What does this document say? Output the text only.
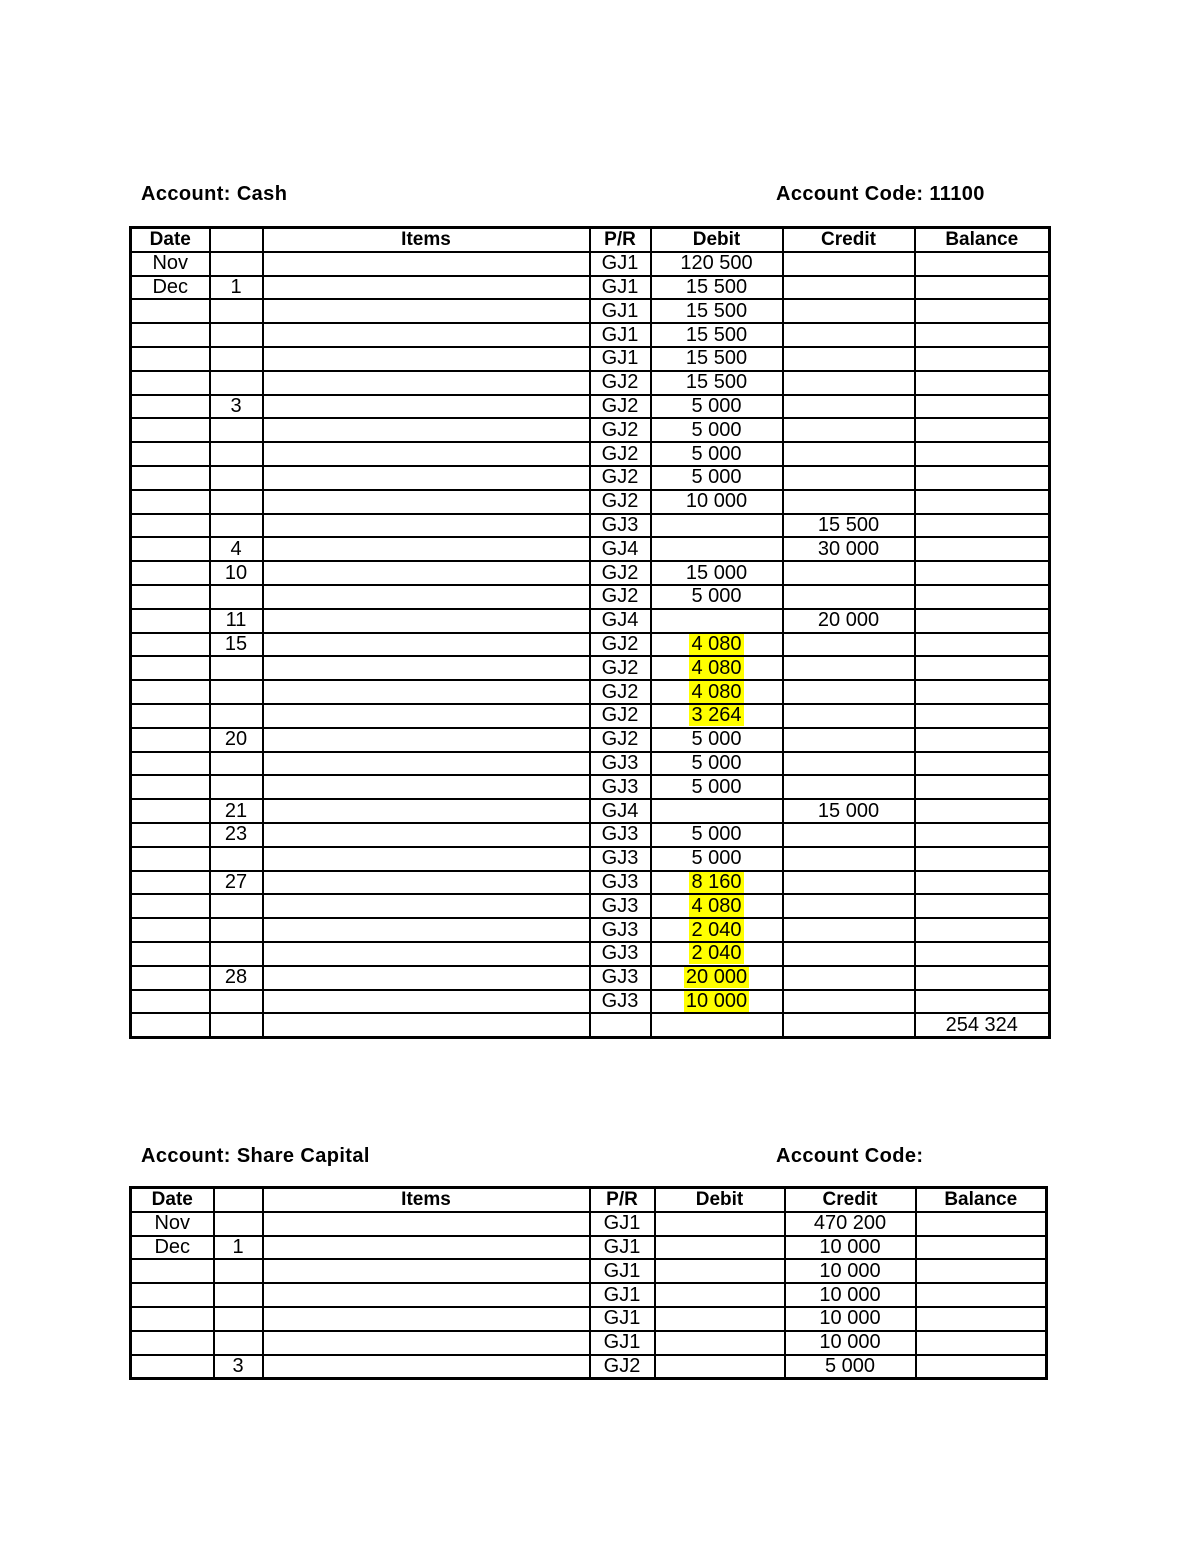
Account: Cash	Account Code: 11100
Date		Items	P/R	Debit	Credit	Balance
Nov			GJ1	120 500		
Dec	1		GJ1	15 500		
			GJ1	15 500		
			GJ1	15 500		
			GJ1	15 500		
			GJ2	15 500		
	3		GJ2	5 000		
			GJ2	5 000		
			GJ2	5 000		
			GJ2	5 000		
			GJ2	10 000		
			GJ3		15 500	
	4		GJ4		30 000	
	10		GJ2	15 000		
			GJ2	5 000		
	11		GJ4		20 000	
	15		GJ2	4 080		
			GJ2	4 080		
			GJ2	4 080		
			GJ2	3 264		
	20		GJ2	5 000		
			GJ3	5 000		
			GJ3	5 000		
	21		GJ4		15 000	
	23		GJ3	5 000		
			GJ3	5 000		
	27		GJ3	8 160		
			GJ3	4 080		
			GJ3	2 040		
			GJ3	2 040		
	28		GJ3	20 000		
			GJ3	10 000		
						254 324
Account: Share Capital	Account Code:
Date		Items	P/R	Debit	Credit	Balance
Nov			GJ1		470 200	
Dec	1		GJ1		10 000	
			GJ1		10 000	
			GJ1		10 000	
			GJ1		10 000	
			GJ1		10 000	
	3		GJ2		5 000	
